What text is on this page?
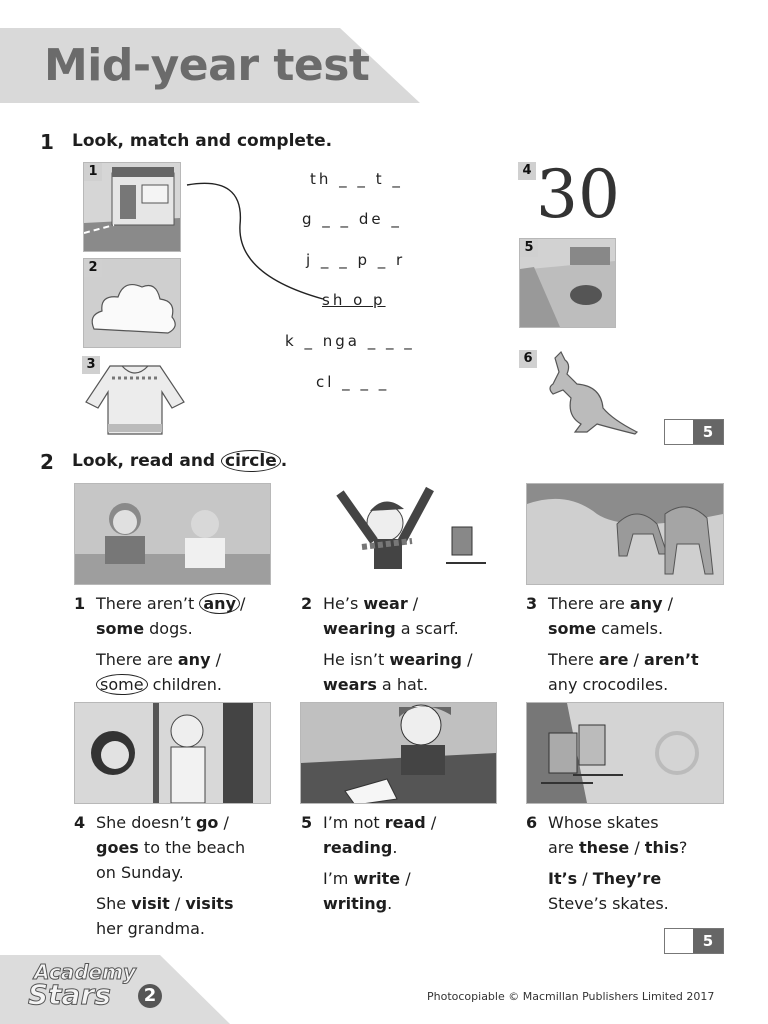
Mid-year test
1 Look, match and complete.
1
2
3
th _ _ t _
g _ _ de _
j _ _ p _ r
sh o p
k _ nga _ _ _
cl _ _ _
4 30
5
6
5
2 Look, read and circle .
1 There aren’t any /

some dogs.

There are any /

some children.

2 He’s wear /

wearing a scarf.

He isn’t wearing /

wears a hat.

3 There are any /

some camels.

There are / aren’t

any crocodiles.

4 She doesn’t go /

goes to the beach

on Sunday.

She visit / visits

her grandma.

5 I’m not read /

reading.

I’m write /

writing.

6 Whose skates

are these / this?

It’s / They’re

Steve’s skates.

5
Academy
Stars	2	Photocopiable © Macmillan Publishers Limited 2017
